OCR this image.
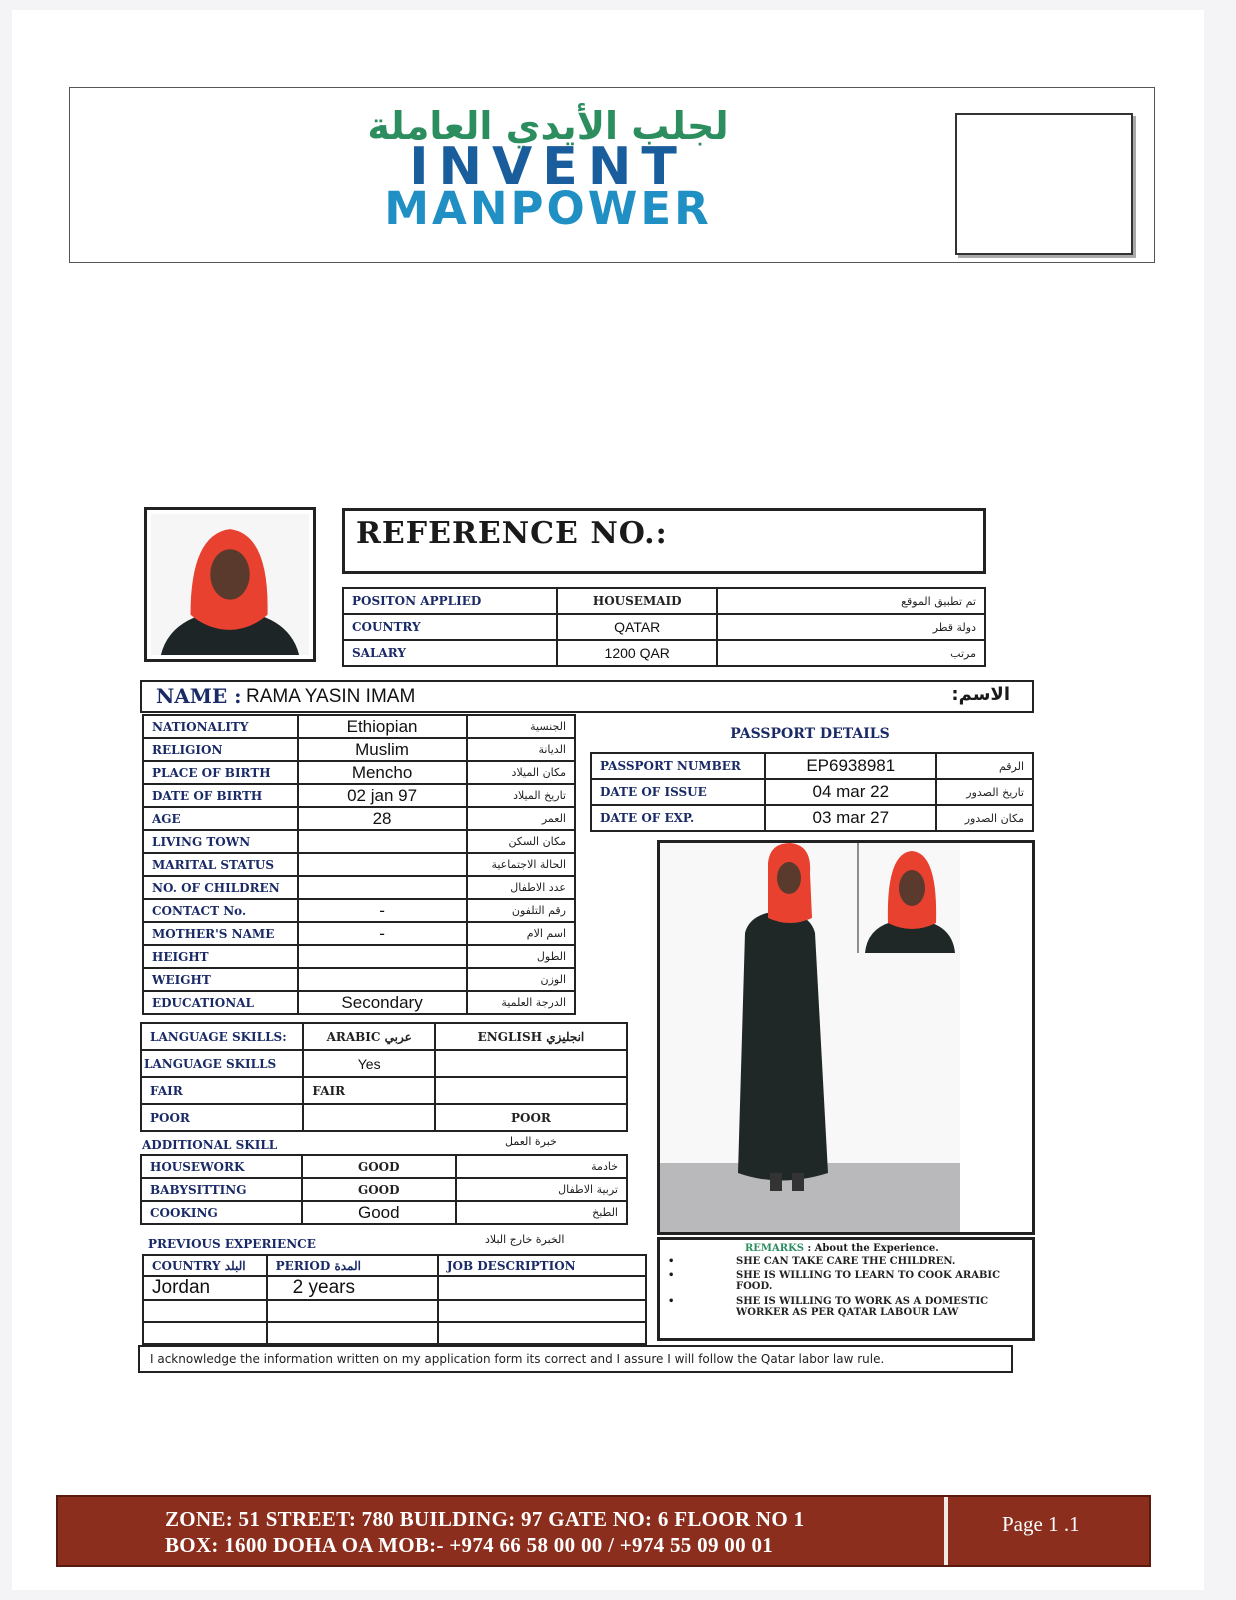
لجلب الأيدي العاملة
INVENT
MANPOWER
REFERENCE NO.:
POSITON APPLIED	HOUSEMAID	تم تطبيق الموقع
COUNTRY	QATAR	دولة قطر
SALARY	1200 QAR	مرتب
NAME : RAMA YASIN IMAM	الاسم:
NATIONALITY	Ethiopian	الجنسية
RELIGION	Muslim	الديانة
PLACE OF BIRTH	Mencho	مكان الميلاد
DATE OF BIRTH	02 jan 97	تاريخ الميلاد
AGE	28	العمر
LIVING TOWN		مكان السكن
MARITAL STATUS		الحالة الاجتماعية
NO. OF CHILDREN		عدد الاطفال
CONTACT No.	-	رقم التلفون
MOTHER'S NAME	-	اسم الام
HEIGHT		الطول
WEIGHT		الوزن
EDUCATIONAL	Secondary	الدرجة العلمية
PASSPORT DETAILS
PASSPORT NUMBER	EP6938981	الرقم
DATE OF ISSUE	04 mar 22	تاريخ الصدور
DATE OF EXP.	03 mar 27	مكان الصدور
LANGUAGE SKILLS:	ARABIC عربي	ENGLISH انجليزي
LANGUAGE SKILLS	Yes	
FAIR	FAIR	
POOR		POOR
ADDITIONAL SKILL	خبرة العمل
HOUSEWORK	GOOD	خادمة
BABYSITTING	GOOD	تربية الاطفال
COOKING	Good	الطبخ
PREVIOUS EXPERIENCE	الخبرة خارج البلاد
COUNTRY البلد	PERIOD المدة	JOB DESCRIPTION
Jordan	2 years	

REMARKS : About the Experience.
•
•
•
SHE CAN TAKE CARE THE CHILDREN.
SHE IS WILLING TO LEARN TO COOK ARABIC FOOD.
SHE IS WILLING TO WORK AS A DOMESTIC WORKER AS PER QATAR LABOUR LAW
I acknowledge the information written on my application form its correct and I assure I will follow the Qatar labor law rule.
ZONE: 51 STREET: 780 BUILDING: 97 GATE NO: 6 FLOOR NO 1
BOX: 1600 DOHA OA MOB:- +974 66 58 00 00 / +974 55 09 00 01
Page 1 .1
